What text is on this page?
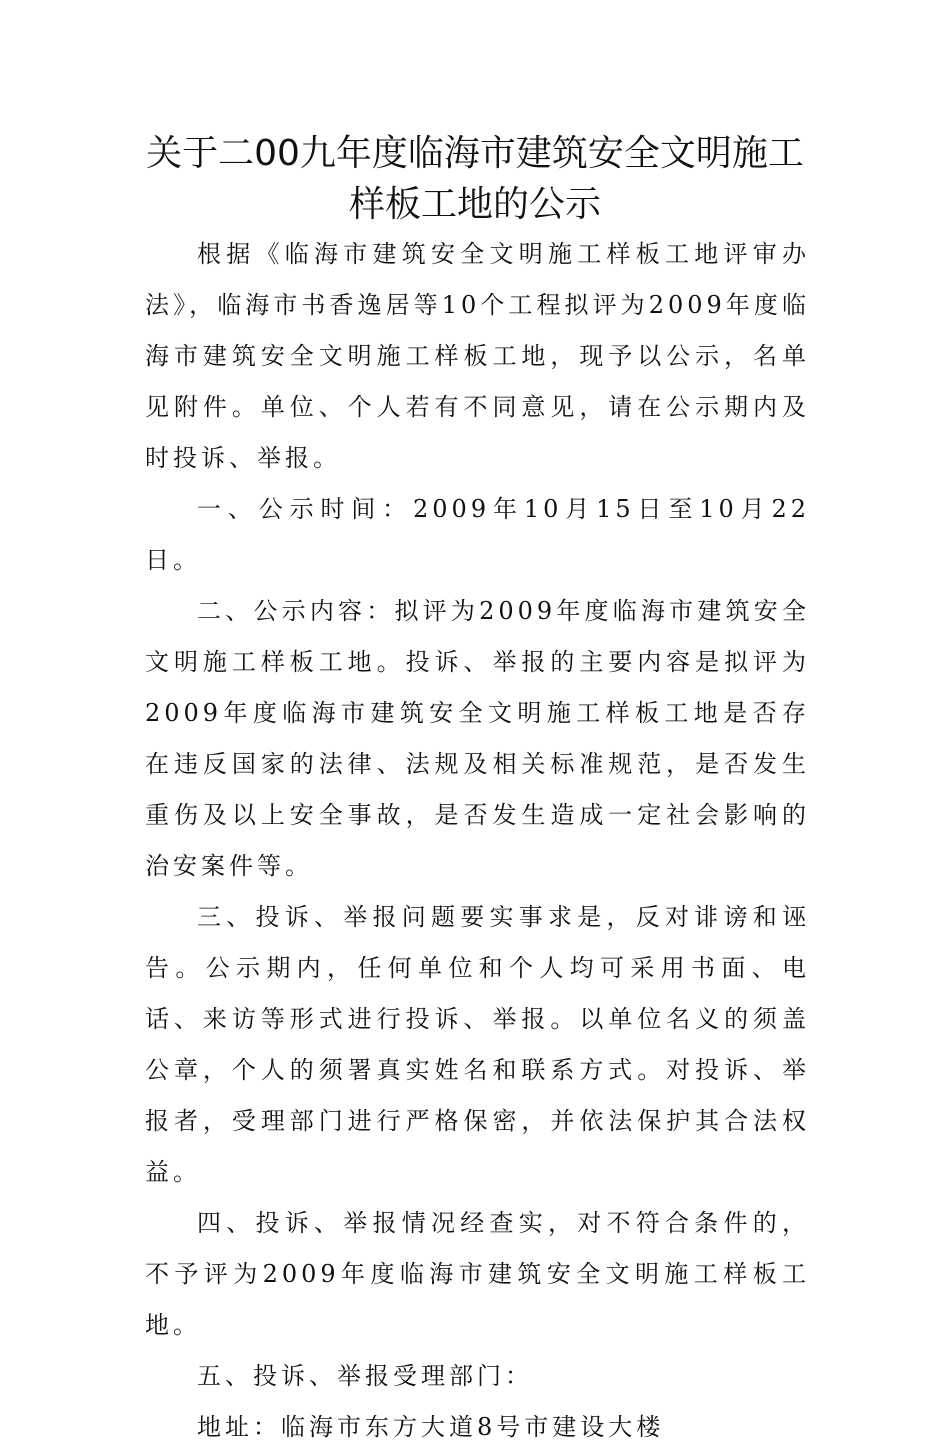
关于二00九年度临海市建筑安全文明施工
样板工地的公示

根据《临海市建筑安全文明施工样板工地评审办法》，临海市书香逸居等10个工程拟评为2009年度临海市建筑安全文明施工样板工地，现予以公示，名单见附件。单位、个人若有不同意见，请在公示期内及时投诉、举报。

一、公示时间：2009年10月15日至10月22日。

二、公示内容：拟评为2009年度临海市建筑安全文明施工样板工地。投诉、举报的主要内容是拟评为2009年度临海市建筑安全文明施工样板工地是否存在违反国家的法律、法规及相关标准规范，是否发生重伤及以上安全事故，是否发生造成一定社会影响的治安案件等。

三、投诉、举报问题要实事求是，反对诽谤和诬告。公示期内，任何单位和个人均可采用书面、电话、来访等形式进行投诉、举报。以单位名义的须盖公章，个人的须署真实姓名和联系方式。对投诉、举报者，受理部门进行严格保密，并依法保护其合法权益。

四、投诉、举报情况经查实，对不符合条件的，不予评为2009年度临海市建筑安全文明施工样板工地。

五、投诉、举报受理部门：

地址：临海市东方大道8号市建设大楼
